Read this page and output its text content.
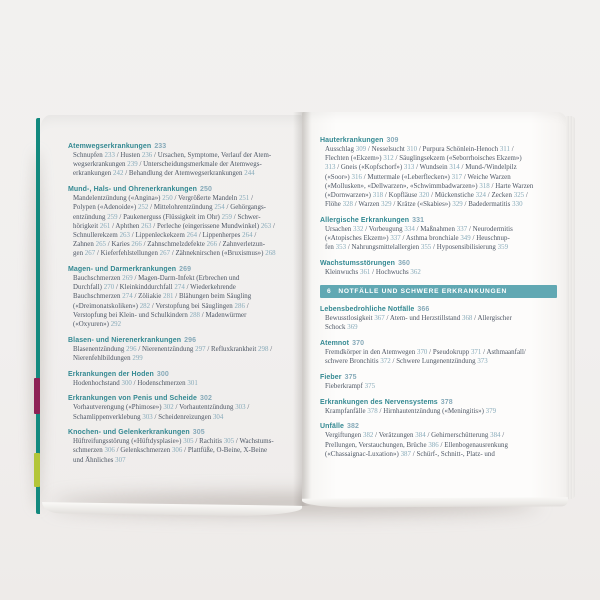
Atemwegserkrankungen 233
Schnupfen 233 / Husten 236 / Ursachen, Symptome, Verlauf der Atem-
wegserkrankungen 239 / Unterscheidungsmerkmale der Atemwegs-
erkrankungen 242 / Behandlung der Atemwegserkrankungen 244
Mund-, Hals- und Ohrenerkrankungen 250
Mandelentzündung («Angina») 250 / Vergrößerte Mandeln 251 /
Polypen («Adenoide») 252 / Mittelohrentzündung 254 / Gehörgangs-
entzündung 259 / Paukenerguss (Flüssigkeit im Ohr) 259 / Schwer-
hörigkeit 261 / Aphthen 263 / Perleche (eingerissene Mundwinkel) 263 /
Schnullerekzem 263 / Lippenleckekzem 264 / Lippenherpes 264 /
Zahnen 265 / Karies 266 / Zahnschmelzdefekte 266 / Zahnverletzun-
gen 267 / Kieferfehlstellungen 267 / Zähneknirschen («Bruxismus») 268
Magen- und Darmerkrankungen 269
Bauchschmerzen 269 / Magen-Darm-Infekt (Erbrechen und
Durchfall) 270 / Kleinkinddurchfall 274 / Wiederkehrende
Bauchschmerzen 274 / Zöliakie 281 / Blähungen beim Säugling
(«Dreimonatskoliken») 282 / Verstopfung bei Säuglingen 286 /
Verstopfung bei Klein- und Schulkindern 288 / Madenwürmer
(«Oxyuren») 292
Blasen- und Nierenerkrankungen 296
Blasenentzündung 296 / Nierenentzündung 297 / Refluxkrankheit 298 /
Nierenfehlbildungen 299
Erkrankungen der Hoden 300
Hodenhochstand 300 / Hodenschmerzen 301
Erkrankungen von Penis und Scheide 302
Vorhautverengung («Phimose») 302 / Vorhautentzündung 303 /
Schamlippenverklebung 303 / Scheidenreizungen 304
Knochen- und Gelenkerkrankungen 305
Hüftreifungsstörung («Hüftdysplasie») 305 / Rachitis 305 / Wachstums-
schmerzen 306 / Gelenkschmerzen 306 / Plattfüße, O-Beine, X-Beine
und Ähnliches 307
Hauterkrankungen 309
Ausschlag 309 / Nesselsucht 310 / Purpura Schönlein-Henoch 311 /
Flechten («Ekzem») 312 / Säuglingsekzem («Seborrhoisches Ekzem»)
313 / Gneis («Kopfschorf») 313 / Wundsein 314 / Mund-/Windelpilz
(«Soor») 316 / Muttermale («Leberflecken») 317 / Weiche Warzen
(«Mollusken», «Dellwarzen», «Schwimmbadwarzen») 318 / Harte Warzen
(«Dornwarzen») 318 / Kopfläuse 320 / Mückenstiche 324 / Zecken 325 /
Flöhe 328 / Warzen 329 / Krätze («Skabies») 329 / Badedermatitis 330
Allergische Erkrankungen 331
Ursachen 332 / Vorbeugung 334 / Maßnahmen 337 / Neurodermitis
(«Atopisches Ekzem») 337 / Asthma bronchiale 349 / Heuschnup-
fen 353 / Nahrungsmittelallergien 355 / Hyposensibilisierung 359
Wachstumsstörungen 360
Kleinwuchs 361 / Hochwuchs 362
6 NOTFÄLLE UND SCHWERE ERKRANKUNGEN
Lebensbedrohliche Notfälle 366
Bewusstlosigkeit 367 / Atem- und Herzstillstand 368 / Allergischer
Schock 369
Atemnot 370
Fremdkörper in den Atemwegen 370 / Pseudokrupp 371 / Asthmaanfall/
schwere Bronchitis 372 / Schwere Lungenentzündung 373
Fieber 375
Fieberkrampf 375
Erkrankungen des Nervensystems 378
Krampfanfälle 378 / Hirnhautentzündung («Meningitis») 379
Unfälle 382
Vergiftungen 382 / Verätzungen 384 / Gehirnerschütterung 384 /
Prellungen, Verstauchungen, Brüche 386 / Ellenbogenausrenkung
(«Chassaignac-Luxation») 387 / Schürf-, Schnitt-, Platz- und
